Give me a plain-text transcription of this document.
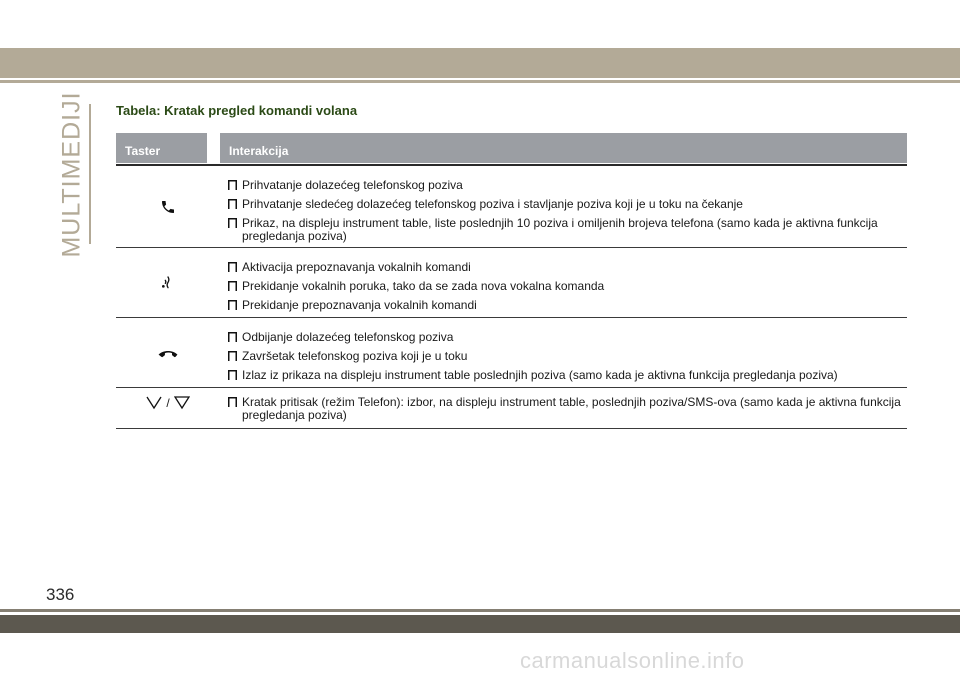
MULTIMEDIJI Tabela: Kratak pregled komandi volana
Taster	Interakcija
Prihvatanje dolazećeg telefonskog poziva
Prihvatanje sledećeg dolazećeg telefonskog poziva i stavljanje poziva koji je u toku na čekanje
Prikaz, na displeju instrument table, liste poslednjih 10 poziva i omiljenih brojeva telefona (samo kada je aktivna funkcija pregledanja poziva)
Aktivacija prepoznavanja vokalnih komandi
Prekidanje vokalnih poruka, tako da se zada nova vokalna komanda
Prekidanje prepoznavanja vokalnih komandi
Odbijanje dolazećeg telefonskog poziva
Završetak telefonskog poziva koji je u toku
Izlaz iz prikaza na displeju instrument table poslednjih poziva (samo kada je aktivna funkcija pregledanja poziva)
/	Kratak pritisak (režim Telefon): izbor, na displeju instrument table, poslednjih poziva/SMS-ova (samo kada je aktivna funkcija pregledanja poziva)
336
carmanualsonline.info
